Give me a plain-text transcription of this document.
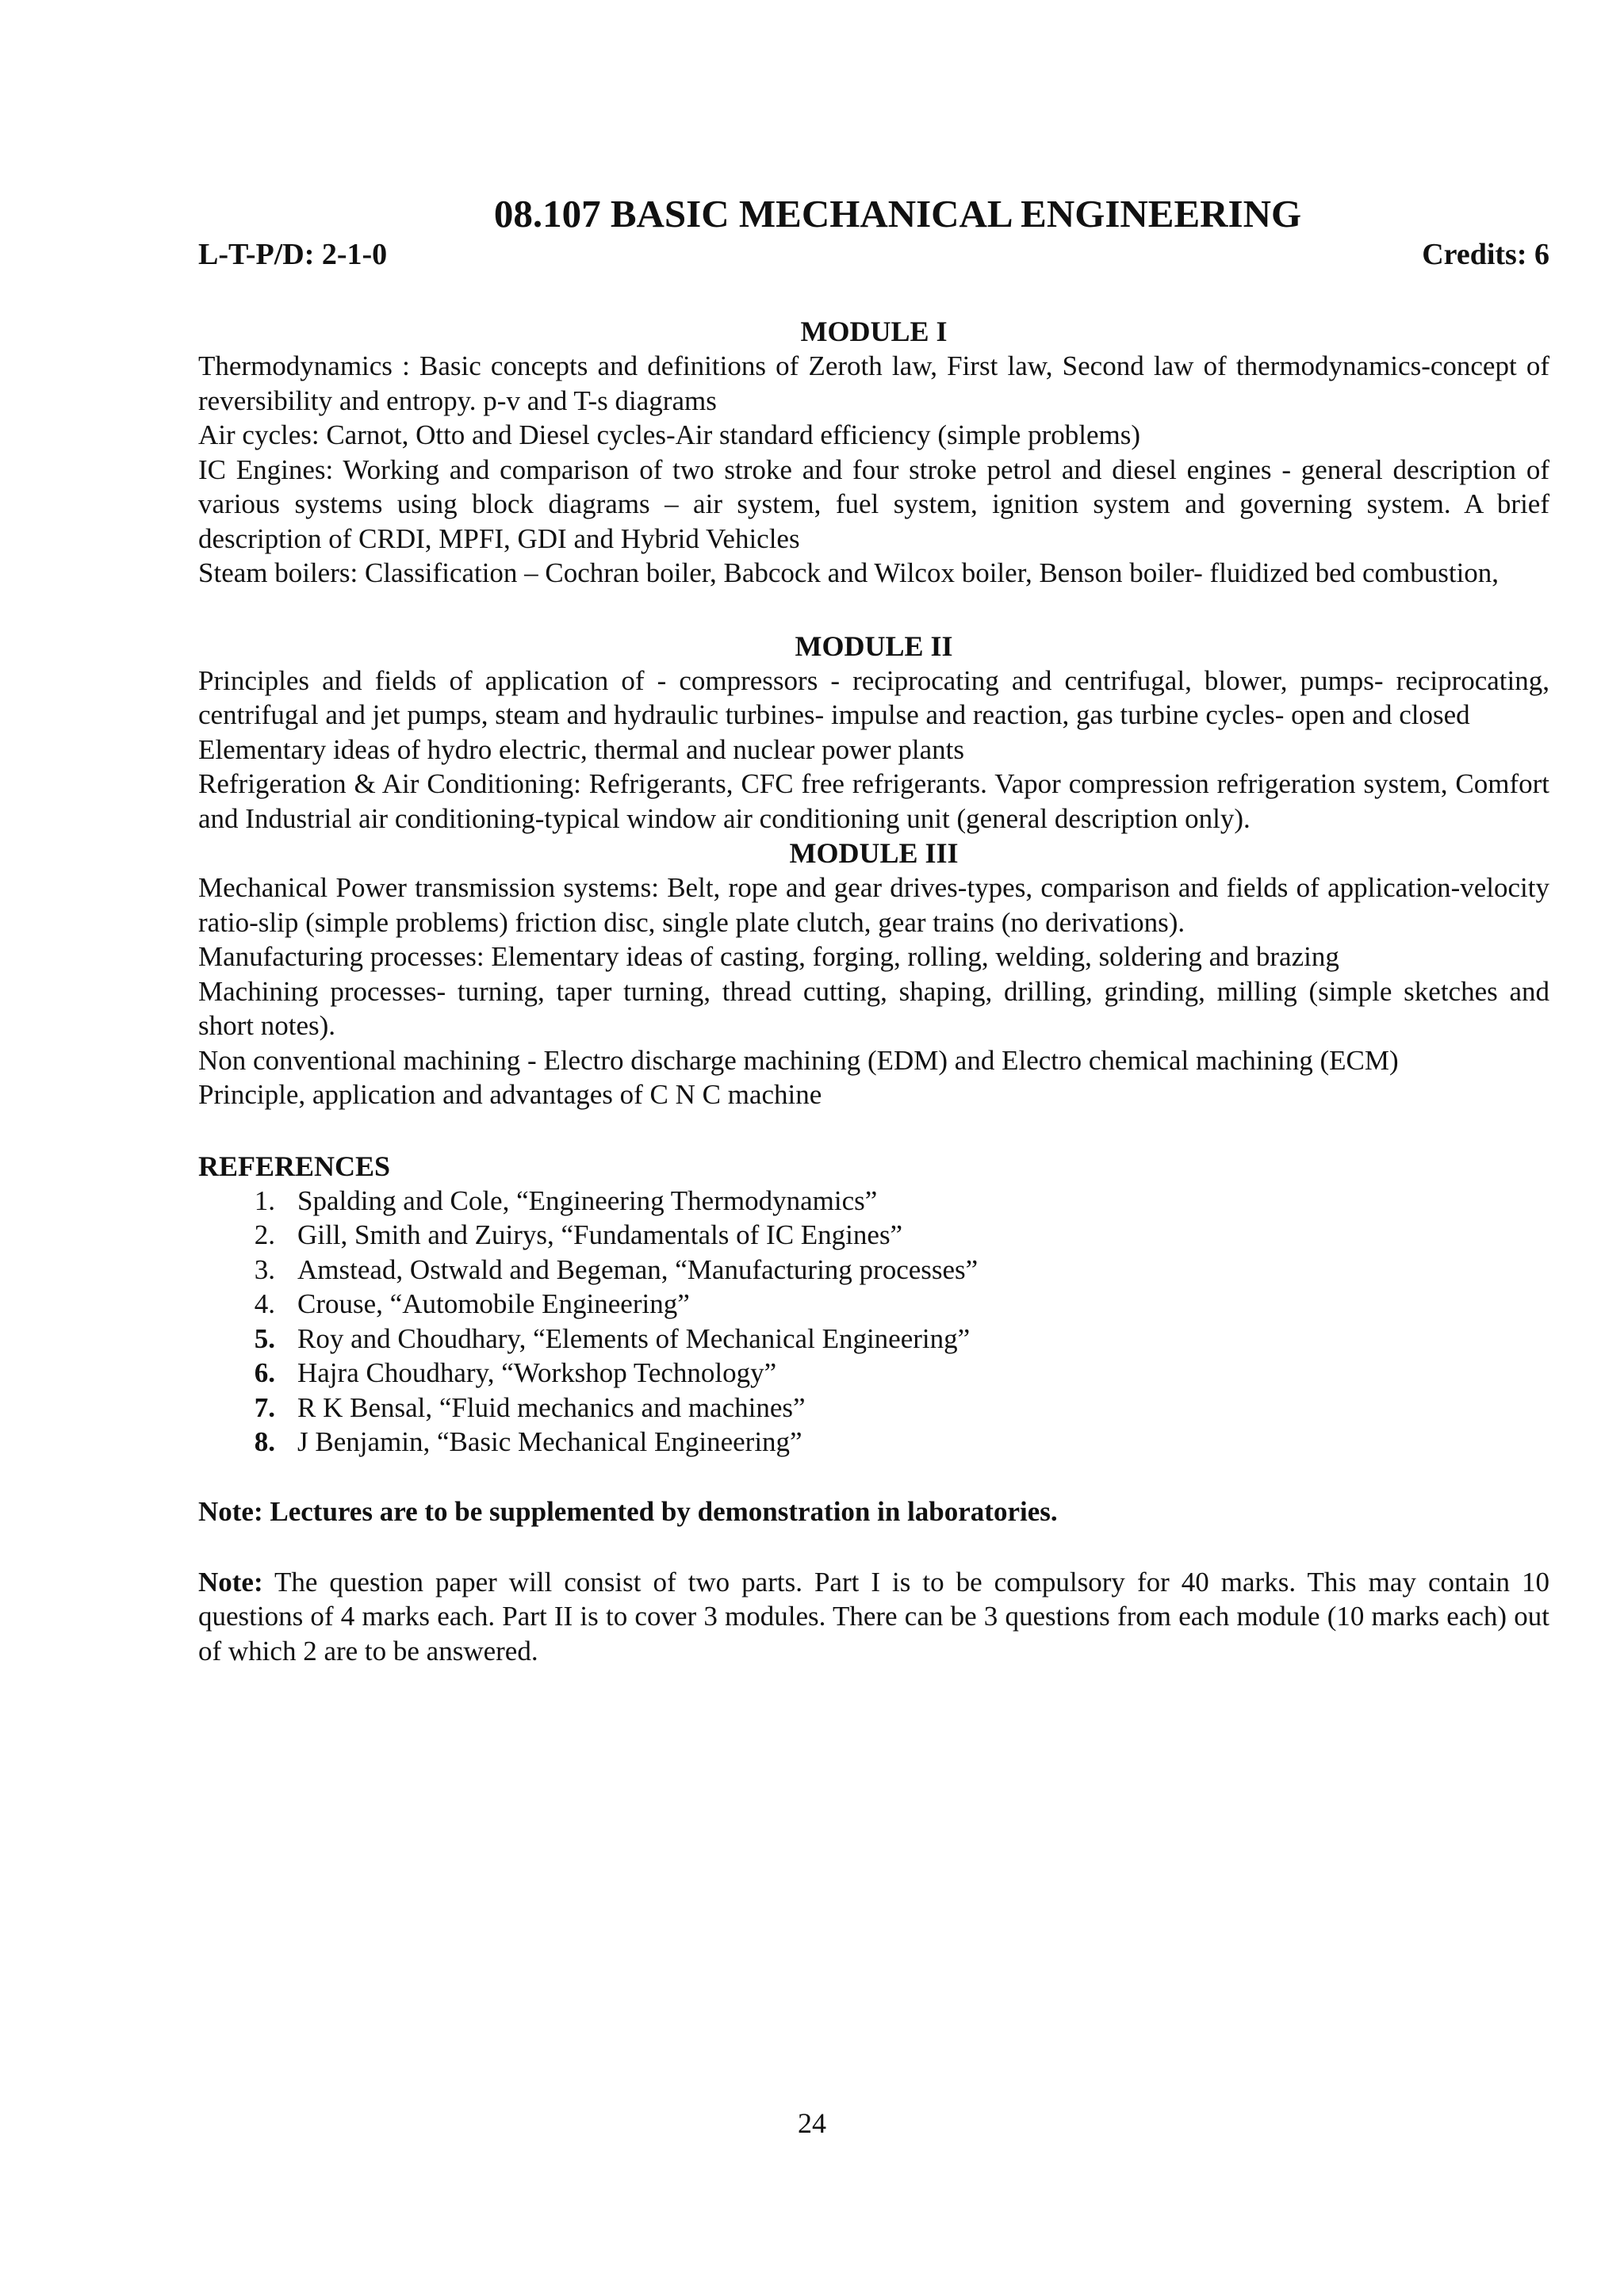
08.107 BASIC MECHANICAL ENGINEERING
L-T-P/D: 2-1-0	Credits: 6
MODULE I

Thermodynamics : Basic concepts and definitions of Zeroth law, First law, Second law of thermodynamics-concept of reversibility and entropy. p-v and T-s diagrams

Air cycles: Carnot, Otto and Diesel cycles-Air standard efficiency (simple problems)

IC Engines: Working and comparison of two stroke and four stroke petrol and diesel engines - general description of various systems using block diagrams – air system, fuel system, ignition system and governing system. A brief description of CRDI, MPFI, GDI and Hybrid Vehicles

Steam boilers: Classification – Cochran boiler, Babcock and Wilcox boiler, Benson boiler- fluidized bed combustion,

MODULE II

Principles and fields of application of - compressors - reciprocating and centrifugal, blower, pumps- reciprocating, centrifugal and jet pumps, steam and hydraulic turbines- impulse and reaction, gas turbine cycles- open and closed

Elementary ideas of hydro electric, thermal and nuclear power plants

Refrigeration & Air Conditioning: Refrigerants, CFC free refrigerants. Vapor compression refrigeration system, Comfort and Industrial air conditioning-typical window air conditioning unit (general description only).

MODULE III

Mechanical Power transmission systems: Belt, rope and gear drives-types, comparison and fields of application-velocity ratio-slip (simple problems) friction disc, single plate clutch, gear trains (no derivations).

Manufacturing processes: Elementary ideas of casting, forging, rolling, welding, soldering and brazing

Machining processes- turning, taper turning, thread cutting, shaping, drilling, grinding, milling (simple sketches and short notes).

Non conventional machining - Electro discharge machining (EDM) and Electro chemical machining (ECM)

Principle, application and advantages of C N C machine

REFERENCES
1. Spalding and Cole, “Engineering Thermodynamics”
2. Gill, Smith and Zuirys, “Fundamentals of IC Engines”
3. Amstead, Ostwald and Begeman, “Manufacturing processes”
4. Crouse, “Automobile Engineering”
5. Roy and Choudhary, “Elements of Mechanical Engineering”
6. Hajra Choudhary, “Workshop Technology”
7. R K Bensal, “Fluid mechanics and machines”
8. J Benjamin, “Basic Mechanical Engineering”

Note: Lectures are to be supplemented by demonstration in laboratories.

Note: The question paper will consist of two parts. Part I is to be compulsory for 40 marks. This may contain 10 questions of 4 marks each. Part II is to cover 3 modules. There can be 3 questions from each module (10 marks each) out of which 2 are to be answered.

24
